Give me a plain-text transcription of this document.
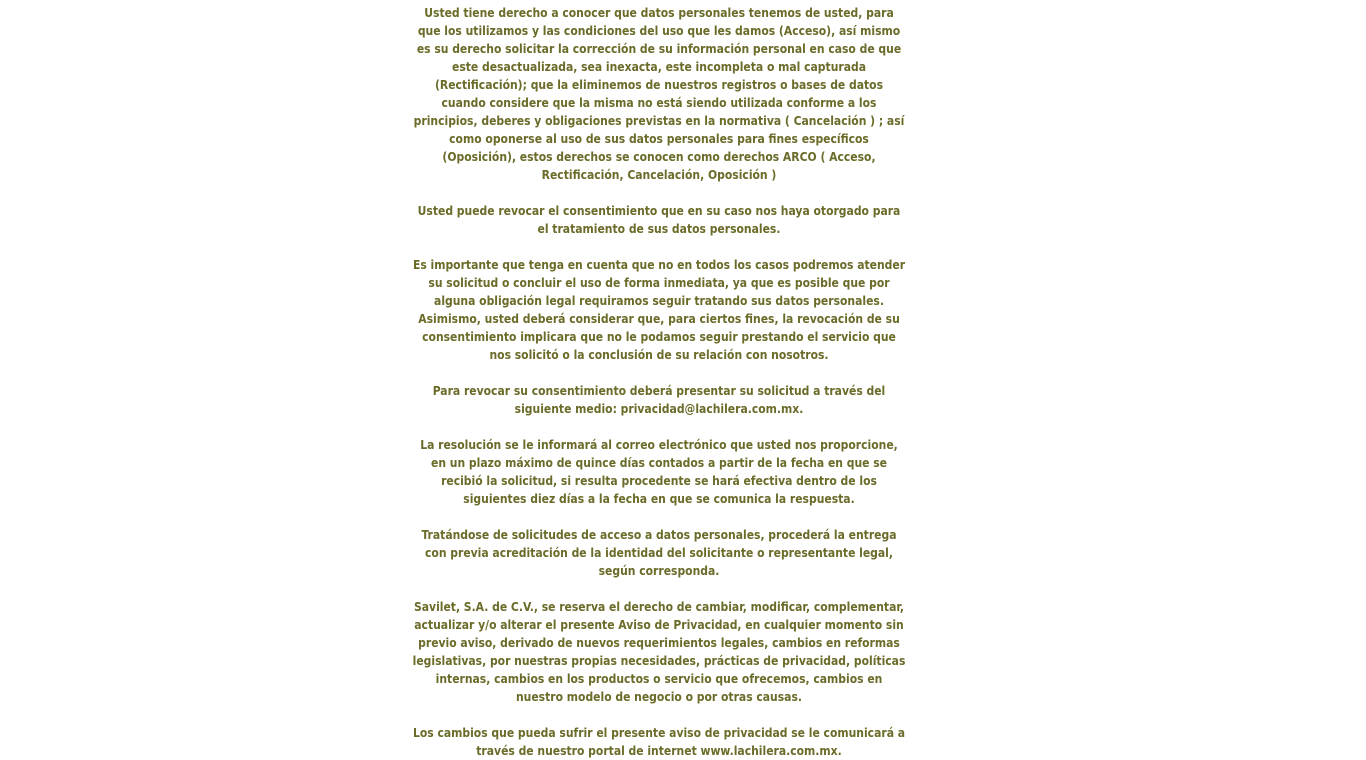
Usted tiene derecho a conocer que datos personales tenemos de usted, para que los utilizamos y las condiciones del uso que les damos (Acceso), así mismo es su derecho solicitar la corrección de su información personal en caso de que este desactualizada, sea inexacta, este incompleta o mal capturada (Rectificación); que la eliminemos de nuestros registros o bases de datos cuando considere que la misma no está siendo utilizada conforme a los principios, deberes y obligaciones previstas en la normativa ( Cancelación ) ; así como oponerse al uso de sus datos personales para fines específicos (Oposición), estos derechos se conocen como derechos ARCO ( Acceso, Rectificación, Cancelación, Oposición )

Usted puede revocar el consentimiento que en su caso nos haya otorgado para el tratamiento de sus datos personales.

Es importante que tenga en cuenta que no en todos los casos podremos atender su solicitud o concluir el uso de forma inmediata, ya que es posible que por alguna obligación legal requiramos seguir tratando sus datos personales. Asimismo, usted deberá considerar que, para ciertos fines, la revocación de su consentimiento implicara que no le podamos seguir prestando el servicio que nos solicitó o la conclusión de su relación con nosotros.

Para revocar su consentimiento deberá presentar su solicitud a través del siguiente medio: privacidad@lachilera.com.mx.

La resolución se le informará al correo electrónico que usted nos proporcione, en un plazo máximo de quince días contados a partir de la fecha en que se recibió la solicitud, si resulta procedente se hará efectiva dentro de los siguientes diez días a la fecha en que se comunica la respuesta.

Tratándose de solicitudes de acceso a datos personales, procederá la entrega con previa acreditación de la identidad del solicitante o representante legal, según corresponda.

Savilet, S.A. de C.V., se reserva el derecho de cambiar, modificar, complementar, actualizar y/o alterar el presente Aviso de Privacidad, en cualquier momento sin previo aviso, derivado de nuevos requerimientos legales, cambios en reformas legislativas, por nuestras propias necesidades, prácticas de privacidad, políticas internas, cambios en los productos o servicio que ofrecemos, cambios en nuestro modelo de negocio o por otras causas.

Los cambios que pueda sufrir el presente aviso de privacidad se le comunicará a través de nuestro portal de internet www.lachilera.com.mx.
